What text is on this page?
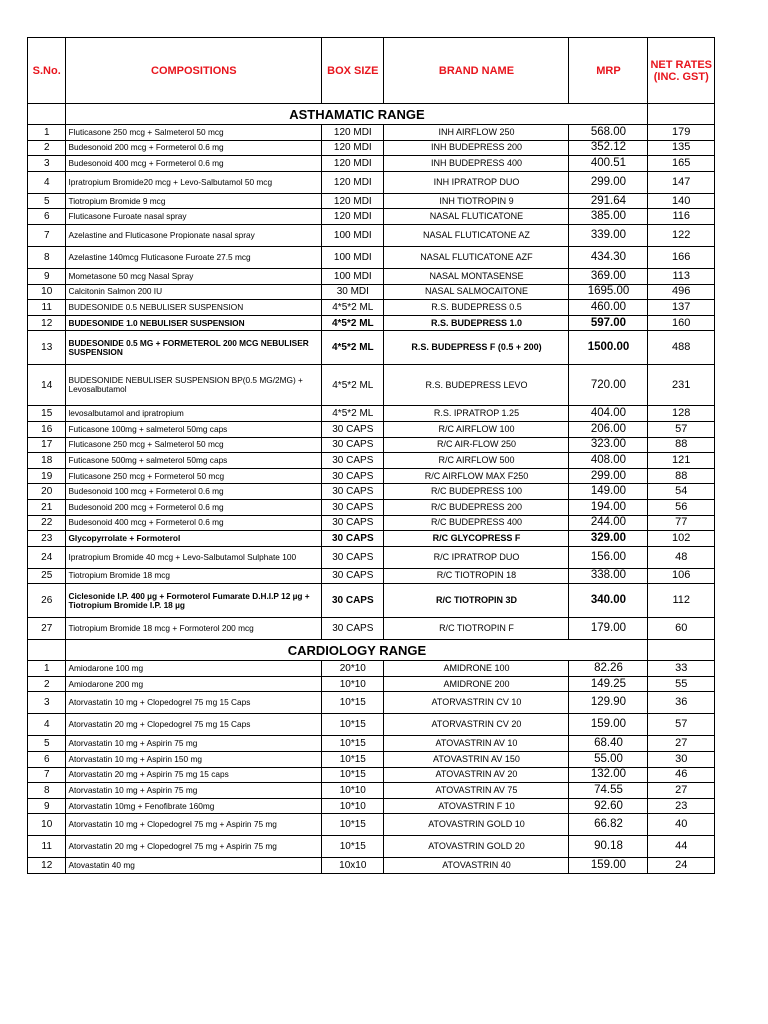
S.No.	COMPOSITIONS	BOX SIZE	BRAND NAME	MRP	NET RATES (INC. GST)
	ASTHAMATIC RANGE				
1	Fluticasone 250 mcg + Salmeterol 50 mcg	120 MDI	INH AIRFLOW 250	568.00	179
2	Budesonoid 200 mcg + Formeterol 0.6 mg	120 MDI	INH BUDEPRESS 200	352.12	135
3	Budesonoid 400 mcg + Formeterol 0.6 mg	120 MDI	INH BUDEPRESS 400	400.51	165
4	Ipratropium Bromide20 mcg + Levo-Salbutamol 50 mcg	120 MDI	INH IPRATROP DUO	299.00	147
5	Tiotropium Bromide 9 mcg	120 MDI	INH TIOTROPIN 9	291.64	140
6	Fluticasone Furoate nasal spray	120 MDI	NASAL FLUTICATONE	385.00	116
7	Azelastine and Fluticasone Propionate nasal spray	100 MDI	NASAL FLUTICATONE AZ	339.00	122
8	Azelastine 140mcg Fluticasone Furoate 27.5 mcg	100 MDI	NASAL FLUTICATONE AZF	434.30	166
9	Mometasone 50 mcg Nasal Spray	100 MDI	NASAL MONTASENSE	369.00	113
10	Calcitonin Salmon 200 IU	30 MDI	NASAL SALMOCAITONE	1695.00	496
11	BUDESONIDE 0.5 NEBULISER SUSPENSION	4*5*2 ML	R.S. BUDEPRESS 0.5	460.00	137
12	BUDESONIDE 1.0 NEBULISER SUSPENSION	4*5*2 ML	R.S. BUDEPRESS 1.0	597.00	160
13	BUDESONIDE 0.5 MG + FORMETEROL 200 MCG NEBULISER SUSPENSION	4*5*2 ML	R.S. BUDEPRESS F (0.5 + 200)	1500.00	488
14	BUDESONIDE NEBULISER SUSPENSION BP(0.5 MG/2MG) + Levosalbutamol	4*5*2 ML	R.S. BUDEPRESS LEVO	720.00	231
15	levosalbutamol and ipratropium	4*5*2 ML	R.S. IPRATROP 1.25	404.00	128
16	Futicasone 100mg + salmeterol 50mg caps	30 CAPS	R/C AIRFLOW 100	206.00	57
17	Fluticasone 250 mcg + Salmeterol 50 mcg	30 CAPS	R/C AIR-FLOW 250	323.00	88
18	Futicasone 500mg + salmeterol 50mg caps	30 CAPS	R/C AIRFLOW 500	408.00	121
19	Fluticasone 250 mcg + Formeterol 50 mcg	30 CAPS	R/C AIRFLOW MAX F250	299.00	88
20	Budesonoid 100 mcg + Formeterol 0.6 mg	30 CAPS	R/C BUDEPRESS 100	149.00	54
21	Budesonoid 200 mcg + Formeterol 0.6 mg	30 CAPS	R/C BUDEPRESS 200	194.00	56
22	Budesonoid 400 mcg + Formeterol 0.6 mg	30 CAPS	R/C BUDEPRESS 400	244.00	77
23	Glycopyrrolate + Formoterol	30 CAPS	R/C GLYCOPRESS F	329.00	102
24	Ipratropium Bromide 40 mcg + Levo-Salbutamol Sulphate 100	30 CAPS	R/C IPRATROP DUO	156.00	48
25	Tiotropium Bromide 18 mcg	30 CAPS	R/C TIOTROPIN 18	338.00	106
26	Ciclesonide I.P. 400 µg + Formoterol Fumarate D.H.I.P 12 µg + Tiotropium Bromide I.P. 18 µg	30 CAPS	R/C TIOTROPIN 3D	340.00	112
27	Tiotropium Bromide 18 mcg + Formoterol 200 mcg	30 CAPS	R/C TIOTROPIN F	179.00	60
	CARDIOLOGY RANGE				
1	Amiodarone 100 mg	20*10	AMIDRONE 100	82.26	33
2	Amiodarone 200 mg	10*10	AMIDRONE 200	149.25	55
3	Atorvastatin 10 mg + Clopedogrel 75 mg 15 Caps	10*15	ATORVASTRIN CV 10	129.90	36
4	Atorvastatin 20 mg + Clopedogrel 75 mg 15 Caps	10*15	ATORVASTRIN CV 20	159.00	57
5	Atorvastatin 10 mg + Aspirin 75 mg	10*15	ATOVASTRIN AV 10	68.40	27
6	Atorvastatin 10 mg + Aspirin 150 mg	10*15	ATOVASTRIN AV 150	55.00	30
7	Atorvastatin 20 mg + Aspirin 75 mg 15 caps	10*15	ATOVASTRIN AV 20	132.00	46
8	Atorvastatin 10 mg + Aspirin 75 mg	10*10	ATOVASTRIN AV 75	74.55	27
9	Atorvastatin 10mg + Fenofibrate 160mg	10*10	ATOVASTRIN F 10	92.60	23
10	Atorvastatin 10 mg + Clopedogrel 75 mg + Aspirin 75 mg	10*15	ATOVASTRIN GOLD 10	66.82	40
11	Atorvastatin 20 mg + Clopedogrel 75 mg + Aspirin 75 mg	10*15	ATOVASTRIN GOLD 20	90.18	44
12	Atovastatin 40 mg	10x10	ATOVASTRIN 40	159.00	24
